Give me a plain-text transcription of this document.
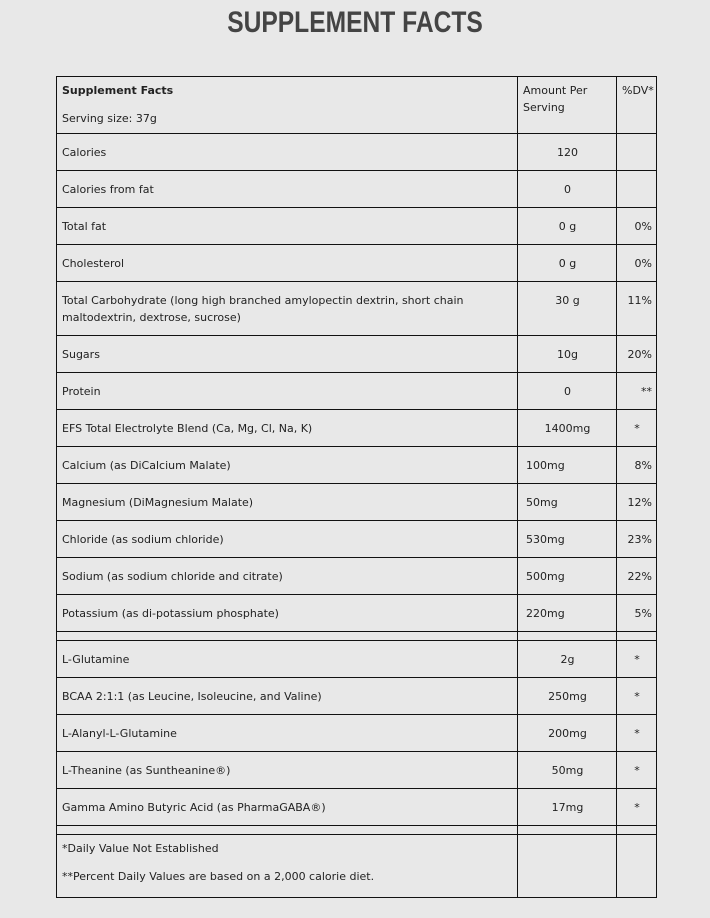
SUPPLEMENT FACTS
Supplement Facts
Serving size: 37g	Amount Per Serving	%DV*
Calories	120	
Calories from fat	0	
Total fat	0 g	0%
Cholesterol	0 g	0%
Total Carbohydrate (long high branched amylopectin dextrin, short chain maltodextrin, dextrose, sucrose)	30 g	11%
Sugars	10g	20%
Protein	0	**
EFS Total Electrolyte Blend (Ca, Mg, Cl, Na, K)	1400mg	*
Calcium (as DiCalcium Malate)	100mg	8%
Magnesium (DiMagnesium Malate)	50mg	12%
Chloride (as sodium chloride)	530mg	23%
Sodium (as sodium chloride and citrate)	500mg	22%
Potassium (as di-potassium phosphate)	220mg	5%

L-Glutamine	2g	*
BCAA 2:1:1 (as Leucine, Isoleucine, and Valine)	250mg	*
L-Alanyl-L-Glutamine	200mg	*
L-Theanine (as Suntheanine®)	50mg	*
Gamma Amino Butyric Acid (as PharmaGABA®)	17mg	*

*Daily Value Not Established
**Percent Daily Values are based on a 2,000 calorie diet.		
